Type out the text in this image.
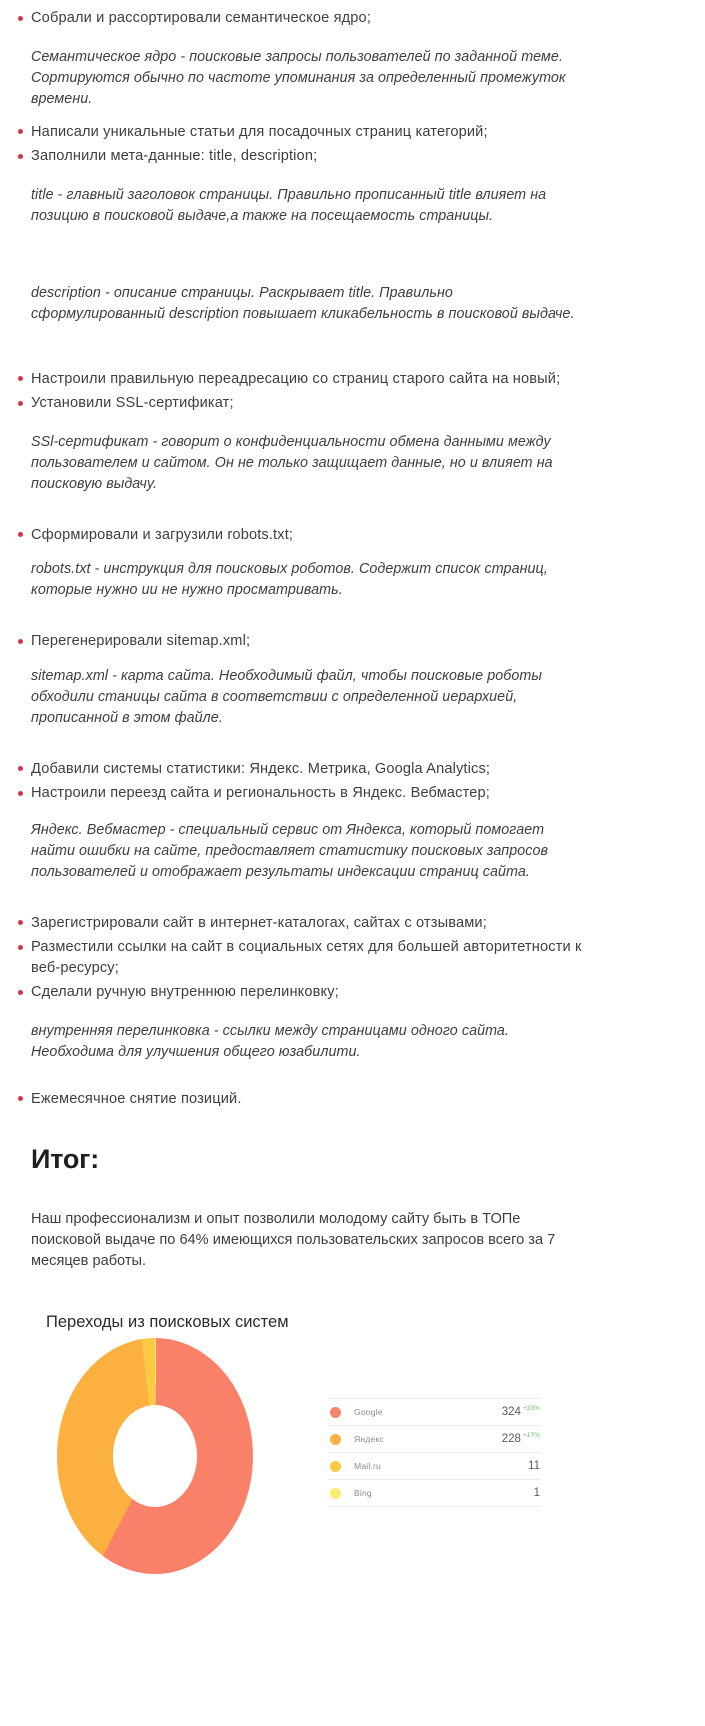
Собрали и рассортировали семантическое ядро;
Семантическое ядро - поисковые запросы пользователей по заданной теме. Сортируются обычно по частоте упоминания за определенный промежуток времени.
Написали уникальные статьи для посадочных страниц категорий;
Заполнили мета-данные: title, description;
title - главный заголовок страницы. Правильно прописанный title влияет на позицию в поисковой выдаче,а также на посещаемость страницы.
description - описание страницы. Раскрывает title. Правильно сформулированный description повышает кликабельность в поисковой выдаче.
Настроили правильную переадресацию со страниц старого сайта на новый;
Установили SSL-сертификат;
SSl-сертификат - говорит о конфиденциальности обмена данными между пользователем и сайтом. Он не только защищает данные, но и влияет на поисковую выдачу.
Сформировали и загрузили robots.txt;
robots.txt - инструкция для поисковых роботов. Содержит список страниц, которые нужно ии не нужно просматривать.
Перегенерировали sitemap.xml;
sitemap.xml - карта сайта. Необходимый файл, чтобы поисковые роботы обходили станицы сайта в соответствии с определенной иерархией, прописанной в этом файле.
Добавили системы статистики: Яндекс. Метрика, Googla Analytics;
Настроили переезд сайта и региональность в Яндекс. Вебмастер;
Яндекс. Вебмастер - специальный сервис от Яндекса, который помогает найти ошибки на сайте, предоставляет статистику поисковых запросов пользователей и отображает результаты индексации страниц сайта.
Зарегистрировали сайт в интернет-каталогах, сайтах с отзывами;
Разместили ссылки на сайт в социальных сетях для большей авторитетности к веб-ресурсу;
Сделали ручную внутреннюю перелинковку;
внутренняя перелинковка - ссылки между страницами одного сайта. Необходима для улучшения общего юзабилити.
Ежемесячное снятие позиций.
Итог:
Наш профессионализм и опыт позволили молодому сайту быть в ТОПе поисковой выдаче по 64% имеющихся пользовательских запросов всего за 7 месяцев работы.
Переходы из поисковых систем
Google	324 +33%
Яндекс	228 +17%
Mail.ru	11
Bing	1
